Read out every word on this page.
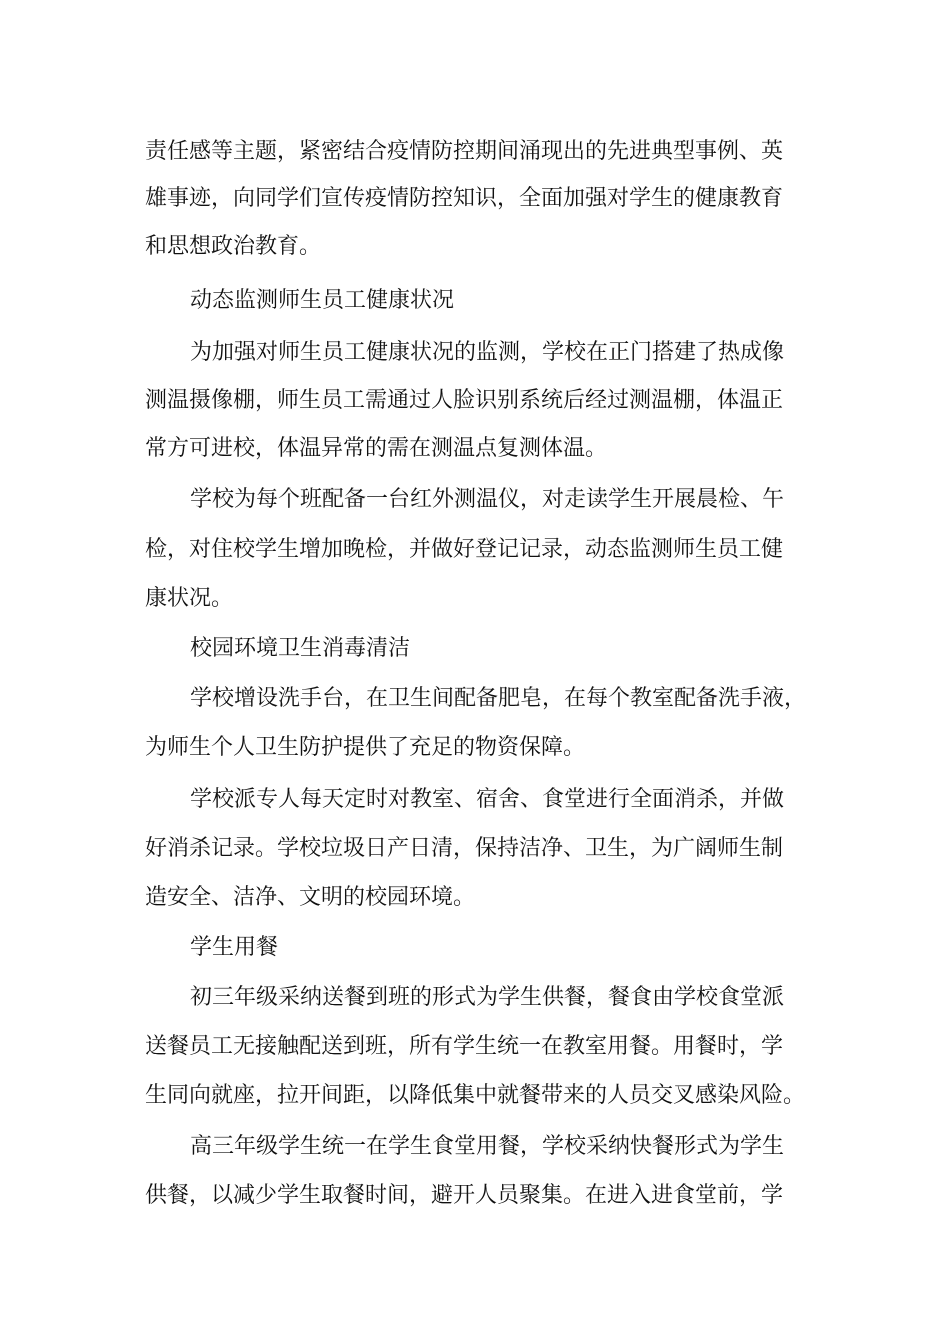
责任感等主题，紧密结合疫情防控期间涌现出的先进典型事例、英
雄事迹，向同学们宣传疫情防控知识，全面加强对学生的健康教育
和思想政治教育。
动态监测师生员工健康状况
为加强对师生员工健康状况的监测，学校在正门搭建了热成像
测温摄像棚，师生员工需通过人脸识别系统后经过测温棚，体温正
常方可进校，体温异常的需在测温点复测体温。
学校为每个班配备一台红外测温仪，对走读学生开展晨检、午
检，对住校学生增加晚检，并做好登记记录，动态监测师生员工健
康状况。
校园环境卫生消毒清洁
学校增设洗手台，在卫生间配备肥皂，在每个教室配备洗手液，
为师生个人卫生防护提供了充足的物资保障。
学校派专人每天定时对教室、宿舍、食堂进行全面消杀，并做
好消杀记录。学校垃圾日产日清，保持洁净、卫生，为广阔师生制
造安全、洁净、文明的校园环境。
学生用餐
初三年级采纳送餐到班的形式为学生供餐，餐食由学校食堂派
送餐员工无接触配送到班，所有学生统一在教室用餐。用餐时，学
生同向就座，拉开间距，以降低集中就餐带来的人员交叉感染风险。
高三年级学生统一在学生食堂用餐，学校采纳快餐形式为学生
供餐，以减少学生取餐时间，避开人员聚集。在进入进食堂前，学
